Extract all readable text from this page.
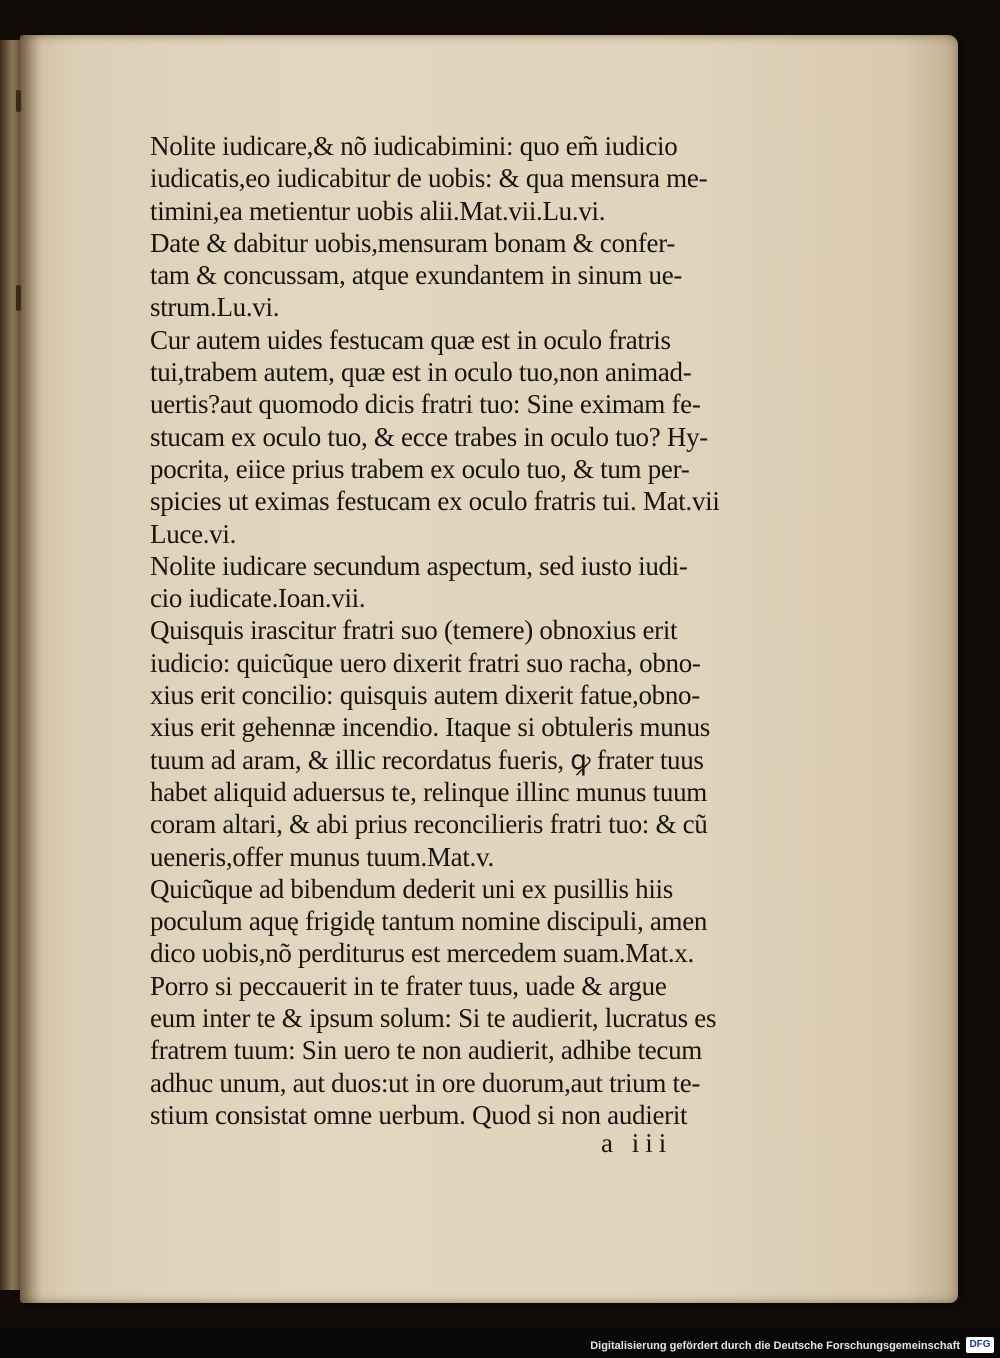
Nolite iudicare,& nõ iudicabimini: quo em̃ iudicio
iudicatis,eo iudicabitur de uobis: & qua mensura me-
timini,ea metientur uobis alii.Mat.vii.Lu.vi.
Date & dabitur uobis,mensuram bonam & confer-
tam & concussam, atque exundantem in sinum ue-
strum.Lu.vi.
Cur autem uides festucam quæ est in oculo fratris
tui,trabem autem, quæ est in oculo tuo,non animad-
uertis?aut quomodo dicis fratri tuo: Sine eximam fe-
stucam ex oculo tuo, & ecce trabes in oculo tuo? Hy-
pocrita, eiice prius trabem ex oculo tuo, & tum per-
spicies ut eximas festucam ex oculo fratris tui. Mat.vii
Luce.vi.
Nolite iudicare secundum aspectum, sed iusto iudi-
cio iudicate.Ioan.vii.
Quisquis irascitur fratri suo (temere) obnoxius erit
iudicio: quicũque uero dixerit fratri suo racha, obno-
xius erit concilio: quisquis autem dixerit fatue,obno-
xius erit gehennæ incendio. Itaque si obtuleris munus
tuum ad aram, & illic recordatus fueris, ꝙ frater tuus
habet aliquid aduersus te, relinque illinc munus tuum
coram altari, & abi prius reconcilieris fratri tuo: & cũ
ueneris,offer munus tuum.Mat.v.
Quicũque ad bibendum dederit uni ex pusillis hiis
poculum aquę frigidę tantum nomine discipuli, amen
dico uobis,nõ perditurus est mercedem suam.Mat.x.
Porro si peccauerit in te frater tuus, uade & argue
eum inter te & ipsum solum: Si te audierit, lucratus es
fratrem tuum: Sin uero te non audierit, adhibe tecum
adhuc unum, aut duos:ut in ore duorum,aut trium te-
stium consistat omne uerbum. Quod si non audierit
a iii
Digitalisierung gefördert durch die Deutsche Forschungsgemeinschaft DFG
